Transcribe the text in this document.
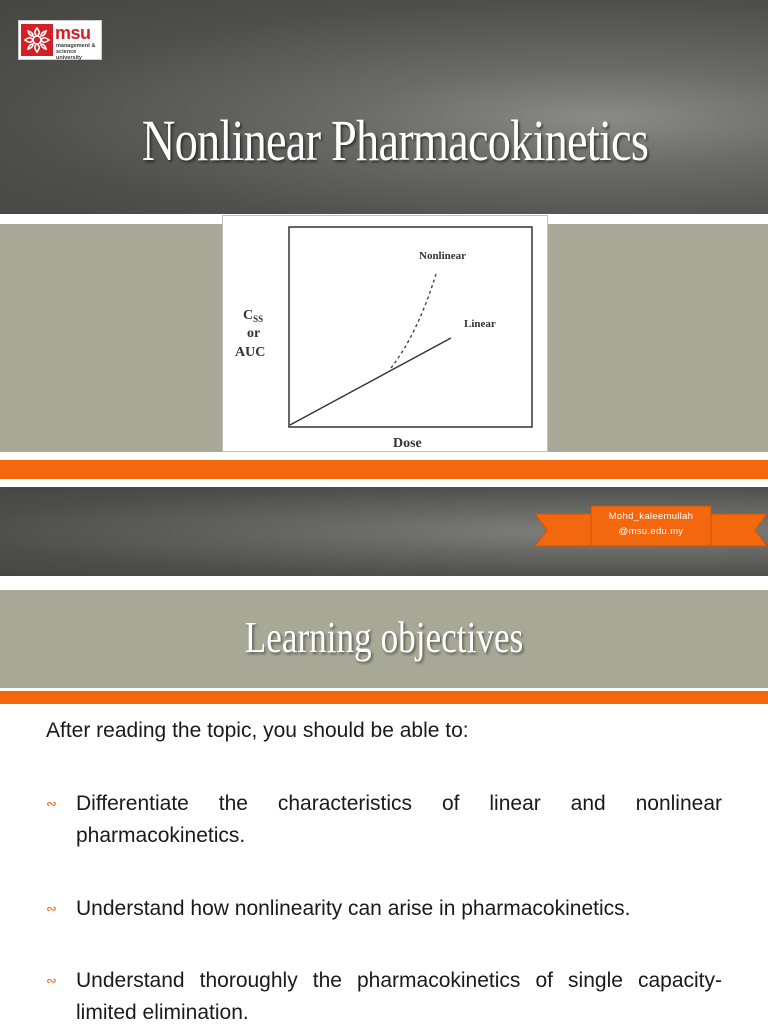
msu
management & science university
Nonlinear Pharmacokinetics
$C_{SS}$
or
AUC
Dose
Nonlinear
Linear
Mohd_kaleemullah
@msu.edu.my
Learning objectives
After reading the topic, you should be able to:
∾ Differentiate the characteristics of linear and nonlinear pharmacokinetics.
∾ Understand how nonlinearity can arise in pharmacokinetics.
∾ Understand thoroughly the pharmacokinetics of single capacity-limited elimination.
